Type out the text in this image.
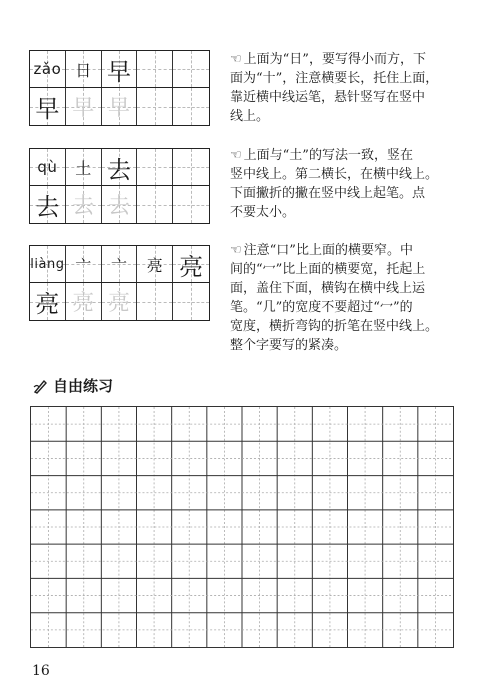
zǎo 日 早
早 早 早
☜ 上面为“日”，要写得小而方，下
面为“十”，注意横要长，托住上面，
靠近横中线运笔，悬针竖写在竖中
线上。
qù 土 去
去 去 去
☜ 上面与“土”的写法一致，竖在
竖中线上。第二横长，在横中线上。
下面撇折的撇在竖中线上起笔。点
不要太小。
liàng 亠 亠 亮 亮
亮 亮 亮
☜ 注意“口”比上面的横要窄。中
间的“冖”比上面的横要宽，托起上
面，盖住下面，横钩在横中线上运
笔。“几”的宽度不要超过“冖”的
宽度，横折弯钩的折笔在竖中线上。
整个字要写的紧凑。
自由练习
16
